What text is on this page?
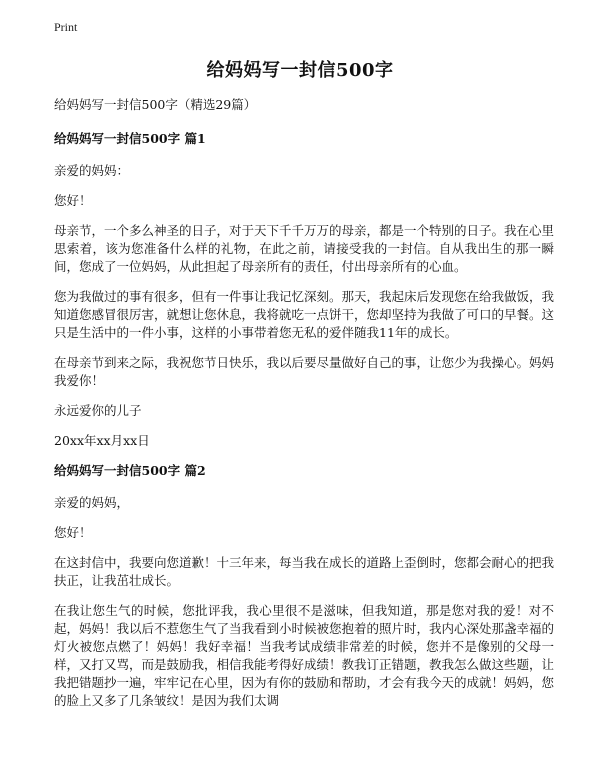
Print
给妈妈写一封信500字

给妈妈写一封信500字（精选29篇）

给妈妈写一封信500字 篇1

亲爱的妈妈：

您好！

母亲节，一个多么神圣的日子，对于天下千千万万的母亲，都是一个特别的日子。我在心里思索着，该为您准备什么样的礼物，在此之前，请接受我的一封信。自从我出生的那一瞬间，您成了一位妈妈，从此担起了母亲所有的责任，付出母亲所有的心血。

您为我做过的事有很多，但有一件事让我记忆深刻。那天，我起床后发现您在给我做饭，我知道您感冒很厉害，就想让您休息，我将就吃一点饼干，您却坚持为我做了可口的早餐。这只是生活中的一件小事，这样的小事带着您无私的爱伴随我11年的成长。

在母亲节到来之际，我祝您节日快乐，我以后要尽量做好自己的事，让您少为我操心。妈妈我爱你！

永远爱你的儿子

20xx年xx月xx日

给妈妈写一封信500字 篇2

亲爱的妈妈，

您好！

在这封信中，我要向您道歉！十三年来，每当我在成长的道路上歪倒时，您都会耐心的把我扶正，让我茁壮成长。

在我让您生气的时候，您批评我，我心里很不是滋味，但我知道，那是您对我的爱！对不起，妈妈！我以后不惹您生气了当我看到小时候被您抱着的照片时，我内心深处那盏幸福的灯火被您点燃了！妈妈！我好幸福！当我考试成绩非常差的时候，您并不是像别的父母一样，又打又骂，而是鼓励我，相信我能考得好成绩！教我订正错题，教我怎么做这些题，让我把错题抄一遍，牢牢记在心里，因为有你的鼓励和帮助，才会有我今天的成就！妈妈，您的脸上又多了几条皱纹！是因为我们太调
